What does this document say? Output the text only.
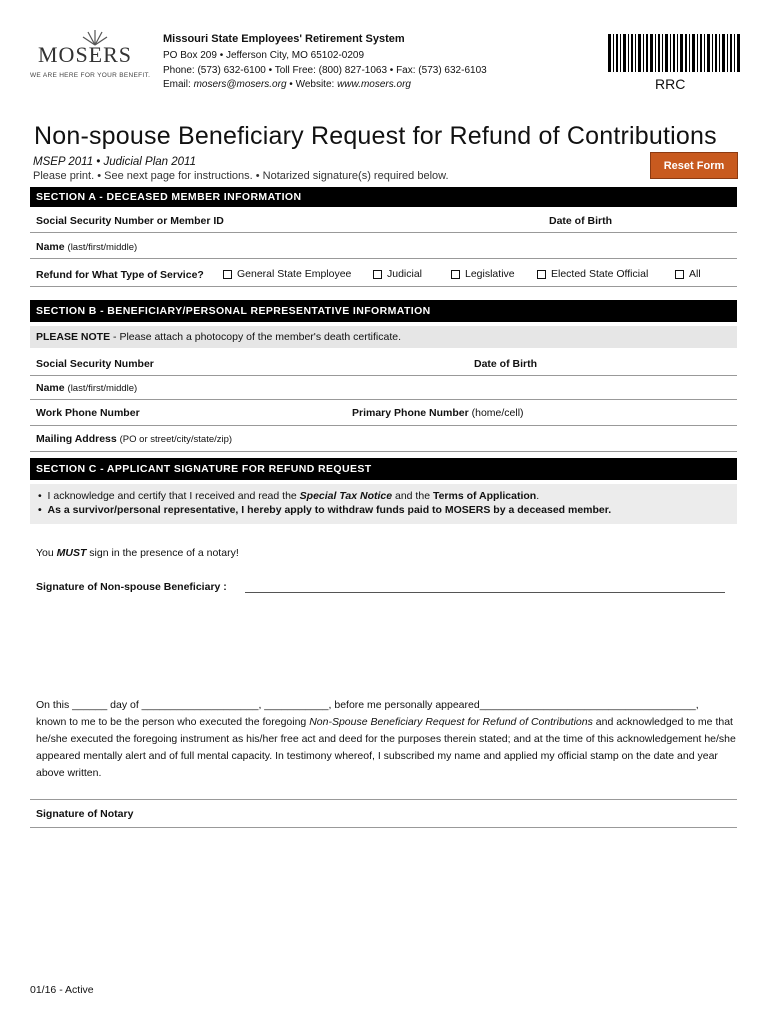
MOSERS
WE ARE HERE FOR YOUR BENEFIT.
Missouri State Employees' Retirement System
PO Box 209 • Jefferson City, MO 65102-0209
Phone: (573) 632-6100 • Toll Free: (800) 827-1063 • Fax: (573) 632-6103
Email: mosers@mosers.org • Website: www.mosers.org	RRC
Non-spouse Beneficiary Request for Refund of Contributions
MSEP 2011 • Judicial Plan 2011
Please print. • See next page for instructions. • Notarized signature(s) required below.
Reset Form
SECTION A - DECEASED MEMBER INFORMATION
Social Security Number or Member ID	Date of Birth
Name (last/first/middle)
Refund for What Type of Service?	General State Employee	Judicial	Legislative	Elected State Official	All
SECTION B - BENEFICIARY/PERSONAL REPRESENTATIVE INFORMATION
PLEASE NOTE - Please attach a photocopy of the member's death certificate.
Social Security Number	Date of Birth
Name (last/first/middle)
Work Phone Number	Primary Phone Number (home/cell)
Mailing Address (PO or street/city/state/zip)
SECTION C - APPLICANT SIGNATURE FOR REFUND REQUEST
•  I acknowledge and certify that I received and read the Special Tax Notice and the Terms of Application.
•  As a survivor/personal representative, I hereby apply to withdraw funds paid to MOSERS by a deceased member.
You MUST sign in the presence of a notary!
Signature of Non-spouse Beneficiary :
On this ______ day of ____________________, ___________, before me personally appeared_____________________________________,
known to me to be the person who executed the foregoing Non-Spouse Beneficiary Request for Refund of Contributions and acknowledged to me that he/she executed the foregoing instrument as his/her free act and deed for the purposes therein stated; and at the time of this acknowledgement he/she appeared mentally alert and of full mental capacity. In testimony whereof, I subscribed my name and applied my official stamp on the date and year above written.
Signature of Notary
01/16 - Active
